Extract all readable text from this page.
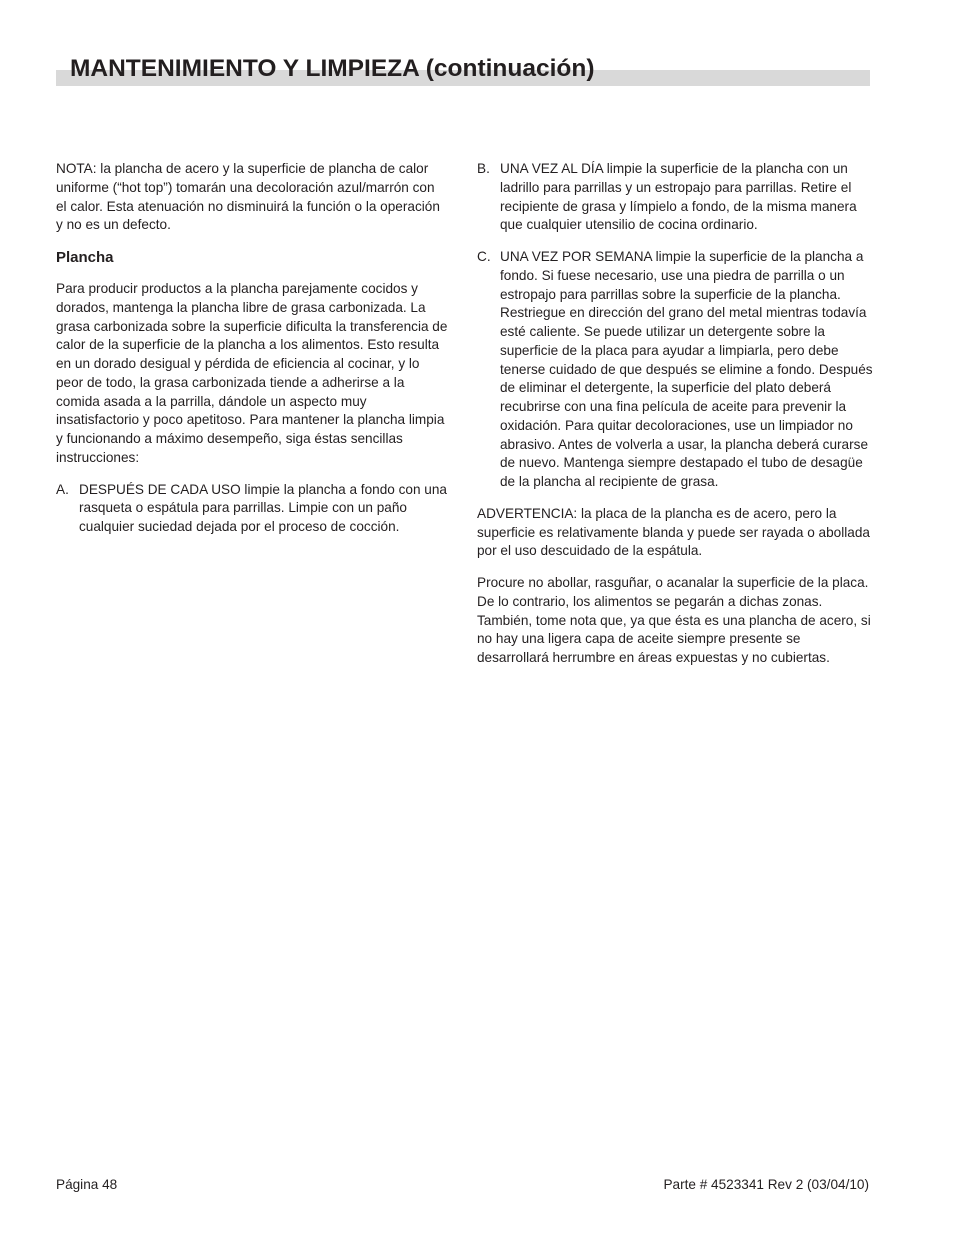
MANTENIMIENTO Y LIMPIEZA (continuación)

NOTA: la plancha de acero y la superficie de plancha de calor uniforme (“hot top”) tomarán una decoloración azul/marrón con el calor. Esta atenuación no disminuirá la función o la operación y no es un defecto.

Plancha

Para producir productos a la plancha parejamente cocidos y dorados, mantenga la plancha libre de grasa carbonizada. La grasa carbonizada sobre la superficie dificulta la transferencia de calor de la superficie de la plancha a los alimentos. Esto resulta en un dorado desigual y pérdida de eficiencia al cocinar, y lo peor de todo, la grasa carbonizada tiende a adherirse a la comida asada a la parrilla, dándole un aspecto muy insatisfactorio y poco apetitoso. Para mantener la plancha limpia y funcionando a máximo desempeño, siga éstas sencillas instrucciones:

A. DESPUÉS DE CADA USO limpie la plancha a fondo con una rasqueta o espátula para parrillas. Limpie con un paño cualquier suciedad dejada por el proceso de cocción.
B. UNA VEZ AL DÍA limpie la superficie de la plancha con un ladrillo para parrillas y un estropajo para parrillas. Retire el recipiente de grasa y límpielo a fondo, de la misma manera que cualquier utensilio de cocina ordinario.
C. UNA VEZ POR SEMANA limpie la superficie de la plancha a fondo. Si fuese necesario, use una piedra de parrilla o un estropajo para parrillas sobre la superficie de la plancha. Restriegue en dirección del grano del metal mientras todavía esté caliente. Se puede utilizar un detergente sobre la superficie de la placa para ayudar a limpiarla, pero debe tenerse cuidado de que después se elimine a fondo. Después de eliminar el detergente, la superficie del plato deberá recubrirse con una fina película de aceite para prevenir la oxidación. Para quitar decoloraciones, use un limpiador no abrasivo. Antes de volverla a usar, la plancha deberá curarse de nuevo. Mantenga siempre destapado el tubo de desagüe de la plancha al recipiente de grasa.

ADVERTENCIA: la placa de la plancha es de acero, pero la superficie es relativamente blanda y puede ser rayada o abollada por el uso descuidado de la espátula.

Procure no abollar, rasguñar, o acanalar la superficie de la placa. De lo contrario, los alimentos se pegarán a dichas zonas. También, tome nota que, ya que ésta es una plancha de acero, si no hay una ligera capa de aceite siempre presente se desarrollará herrumbre en áreas expuestas y no cubiertas.

Página 48	Parte # 4523341 Rev 2 (03/04/10)
